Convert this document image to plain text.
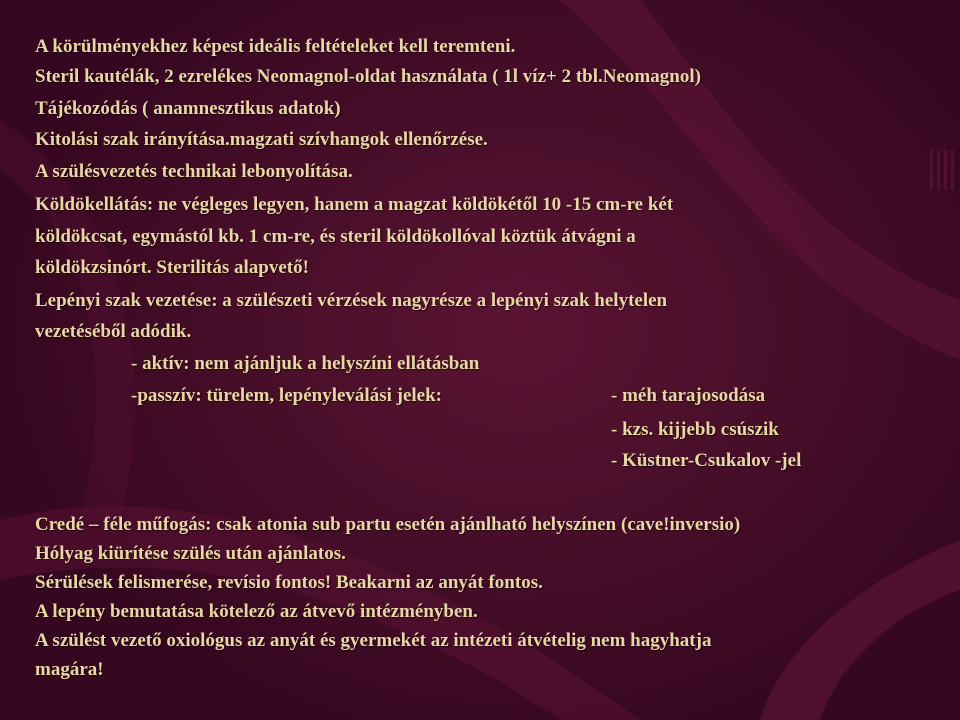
A körülményekhez képest ideális feltételeket kell teremteni.
Steril kautélák, 2 ezrelékes Neomagnol-oldat használata ( 1l víz+ 2 tbl.Neomagnol)
Tájékozódás ( anamnesztikus adatok)
Kitolási szak irányítása.magzati szívhangok ellenőrzése.
A szülésvezetés technikai lebonyolítása.
Köldökellátás: ne végleges legyen, hanem a magzat köldökétől 10 -15 cm-re két
köldökcsat, egymástól kb. 1 cm-re, és steril köldökollóval köztük átvágni a
köldökzsinórt. Sterilitás alapvető!
Lepényi szak vezetése: a szülészeti vérzések nagyrésze a lepényi szak helytelen
vezetéséből adódik.
- aktív: nem ajánljuk a helyszíni ellátásban
-passzív: türelem, lepényleválási jelek:	- méh tarajosodása
- kzs. kijjebb csúszik
- Küstner-Csukalov -jel
Credé – féle műfogás: csak atonia sub partu esetén ajánlható helyszínen (cave!inversio)
Hólyag kiürítése szülés után ajánlatos.
Sérülések felismerése, revísio fontos! Beakarni az anyát fontos.
A lepény bemutatása kötelező az átvevő intézményben.
A szülést vezető oxiológus az anyát és gyermekét az intézeti átvételig nem hagyhatja
magára!
